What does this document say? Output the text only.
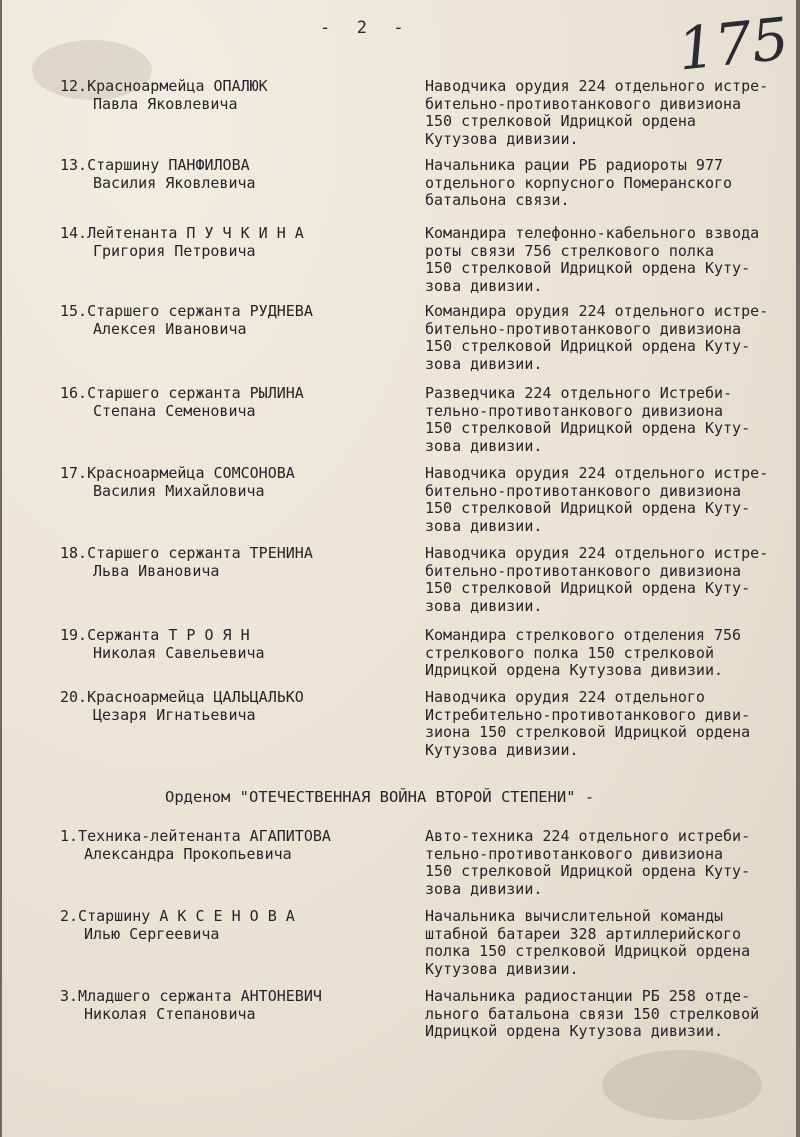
-  2  -	175
12.Красноармейца ОПАЛЮК
Павла Яковлевича
Наводчика орудия 224 отдельного истре-
бительно-противотанкового дивизиона
150 стрелковой Идрицкой ордена
Кутузова дивизии.
13.Старшину ПАНФИЛОВА
Василия Яковлевича
Начальника рации РБ радиороты 977
отдельного корпусного Померанского
батальона связи.
14.Лейтенанта П У Ч К И Н А
Григория Петровича
Командира телефонно-кабельного взвода
роты связи 756 стрелкового полка
150 стрелковой Идрицкой ордена Куту-
зова дивизии.
15.Старшего сержанта РУДНЕВА
Алексея Ивановича
Командира орудия 224 отдельного истре-
бительно-противотанкового дивизиона
150 стрелковой Идрицкой ордена Куту-
зова дивизии.
16.Старшего сержанта РЫЛИНА
Степана Семеновича
Разведчика 224 отдельного Истреби-
тельно-противотанкового дивизиона
150 стрелковой Идрицкой ордена Куту-
зова дивизии.
17.Красноармейца СОМСОНОВА
Василия Михайловича
Наводчика орудия 224 отдельного истре-
бительно-противотанкового дивизиона
150 стрелковой Идрицкой ордена Куту-
зова дивизии.
18.Старшего сержанта ТРЕНИНА
Льва Ивановича
Наводчика орудия 224 отдельного истре-
бительно-противотанкового дивизиона
150 стрелковой Идрицкой ордена Куту-
зова дивизии.
19.Сержанта Т Р О Я Н
Николая Савельевича
Командира стрелкового отделения 756
стрелкового полка 150 стрелковой
Идрицкой ордена Кутузова дивизии.
20.Красноармейца ЦАЛЬЦАЛЬКО
Цезаря Игнатьевича
Наводчика орудия 224 отдельного
Истребительно-противотанкового диви-
зиона 150 стрелковой Идрицкой ордена
Кутузова дивизии.
Орденом "ОТЕЧЕСТВЕННАЯ ВОЙНА ВТОРОЙ СТЕПЕНИ" -
1.Техника-лейтенанта АГАПИТОВА
Александра Прокопьевича
Авто-техника 224 отдельного истреби-
тельно-противотанкового дивизиона
150 стрелковой Идрицкой ордена Куту-
зова дивизии.
2.Старшину А К С Е Н О В А
Илью Сергеевича
Начальника вычислительной команды
штабной батареи 328 артиллерийского
полка 150 стрелковой Идрицкой ордена
Кутузова дивизии.
3.Младшего сержанта АНТОНЕВИЧ
Николая Степановича
Начальника радиостанции РБ 258 отде-
льного батальона связи 150 стрелковой
Идрицкой ордена Кутузова дивизии.
